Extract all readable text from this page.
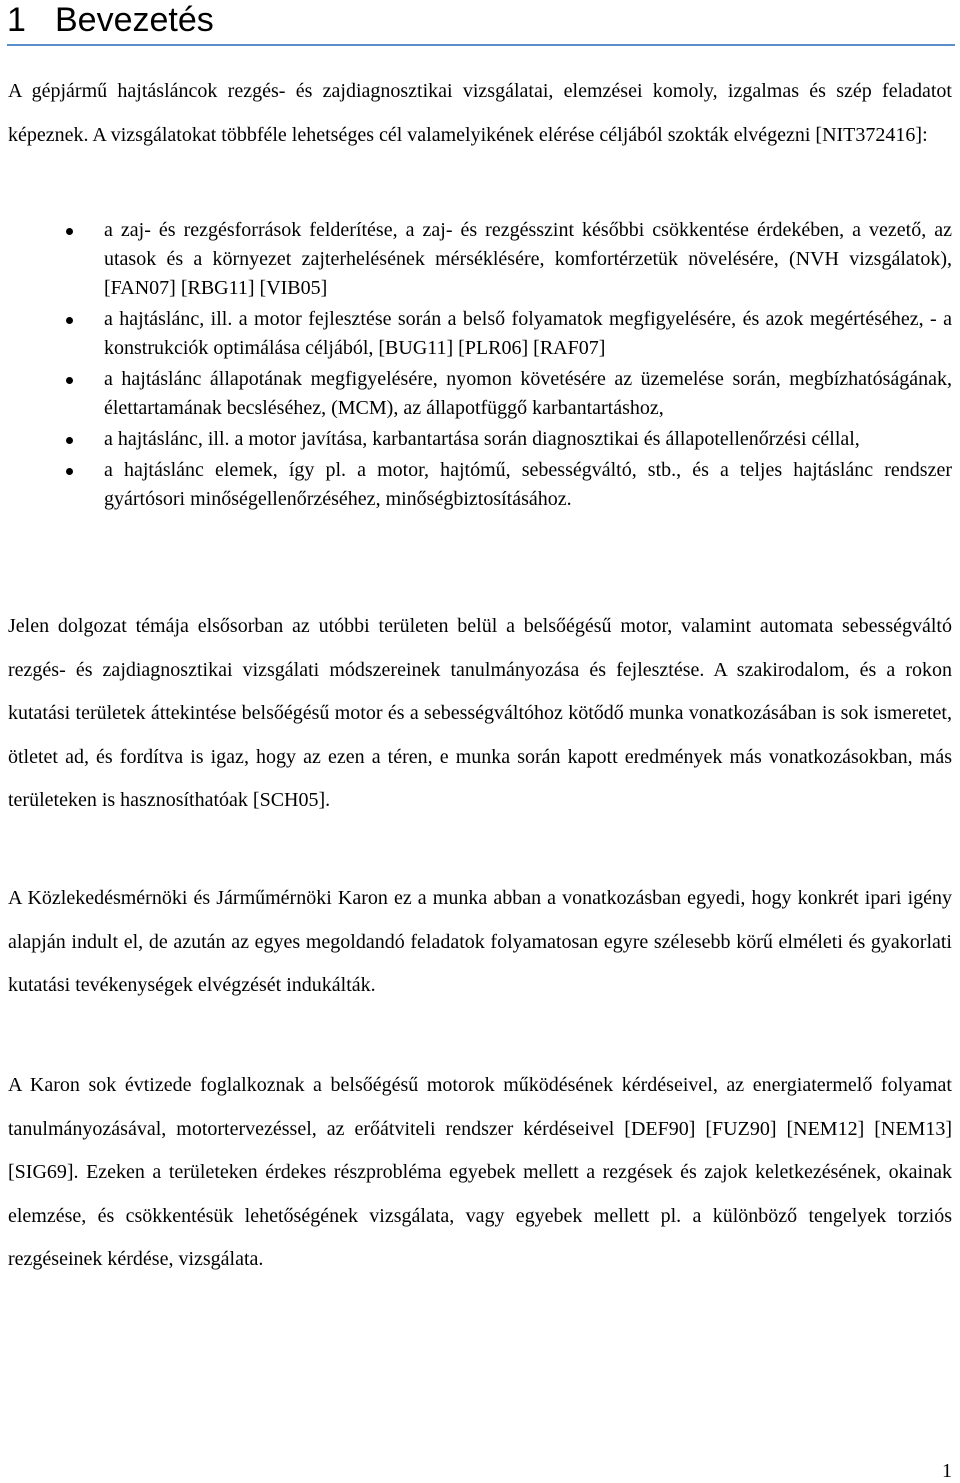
1 Bevezetés

A gépjármű hajtásláncok rezgés- és zajdiagnosztikai vizsgálatai, elemzései komoly, izgalmas és szép feladatot képeznek. A vizsgálatokat többféle lehetséges cél valamelyikének elérése céljából szokták elvégezni [NIT372416]:

a zaj- és rezgésforrások felderítése, a zaj- és rezgésszint későbbi csökkentése érdekében, a vezető, az utasok és a környezet zajterhelésének mérséklésére, komfortérzetük növelésére, (NVH vizsgálatok), [FAN07] [RBG11] [VIB05]
a hajtáslánc, ill. a motor fejlesztése során a belső folyamatok megfigyelésére, és azok megértéséhez, - a konstrukciók optimálása céljából, [BUG11] [PLR06] [RAF07]
a hajtáslánc állapotának megfigyelésére, nyomon követésére az üzemelése során, megbízhatóságának, élettartamának becsléséhez, (MCM), az állapotfüggő karbantartáshoz,
a hajtáslánc, ill. a motor javítása, karbantartása során diagnosztikai és állapotellenőrzési céllal,
a hajtáslánc elemek, így pl. a motor, hajtómű, sebességváltó, stb., és a teljes hajtáslánc rendszer gyártósori minőségellenőrzéséhez, minőségbiztosításához.

Jelen dolgozat témája elsősorban az utóbbi területen belül a belsőégésű motor, valamint automata sebességváltó rezgés- és zajdiagnosztikai vizsgálati módszereinek tanulmányozása és fejlesztése. A szakirodalom, és a rokon kutatási területek áttekintése belsőégésű motor és a sebességváltóhoz kötődő munka vonatkozásában is sok ismeretet, ötletet ad, és fordítva is igaz, hogy az ezen a téren, e munka során kapott eredmények más vonatkozásokban, más területeken is hasznosíthatóak [SCH05].

A Közlekedésmérnöki és Járműmérnöki Karon ez a munka abban a vonatkozásban egyedi, hogy konkrét ipari igény alapján indult el, de azután az egyes megoldandó feladatok folyamatosan egyre szélesebb körű elméleti és gyakorlati kutatási tevékenységek elvégzését indukálták.

A Karon sok évtizede foglalkoznak a belsőégésű motorok működésének kérdéseivel, az energiatermelő folyamat tanulmányozásával, motortervezéssel, az erőátviteli rendszer kérdéseivel [DEF90] [FUZ90] [NEM12] [NEM13] [SIG69]. Ezeken a területeken érdekes részprobléma egyebek mellett a rezgések és zajok keletkezésének, okainak elemzése, és csökkentésük lehetőségének vizsgálata, vagy egyebek mellett pl. a különböző tengelyek torziós rezgéseinek kérdése, vizsgálata.

1
